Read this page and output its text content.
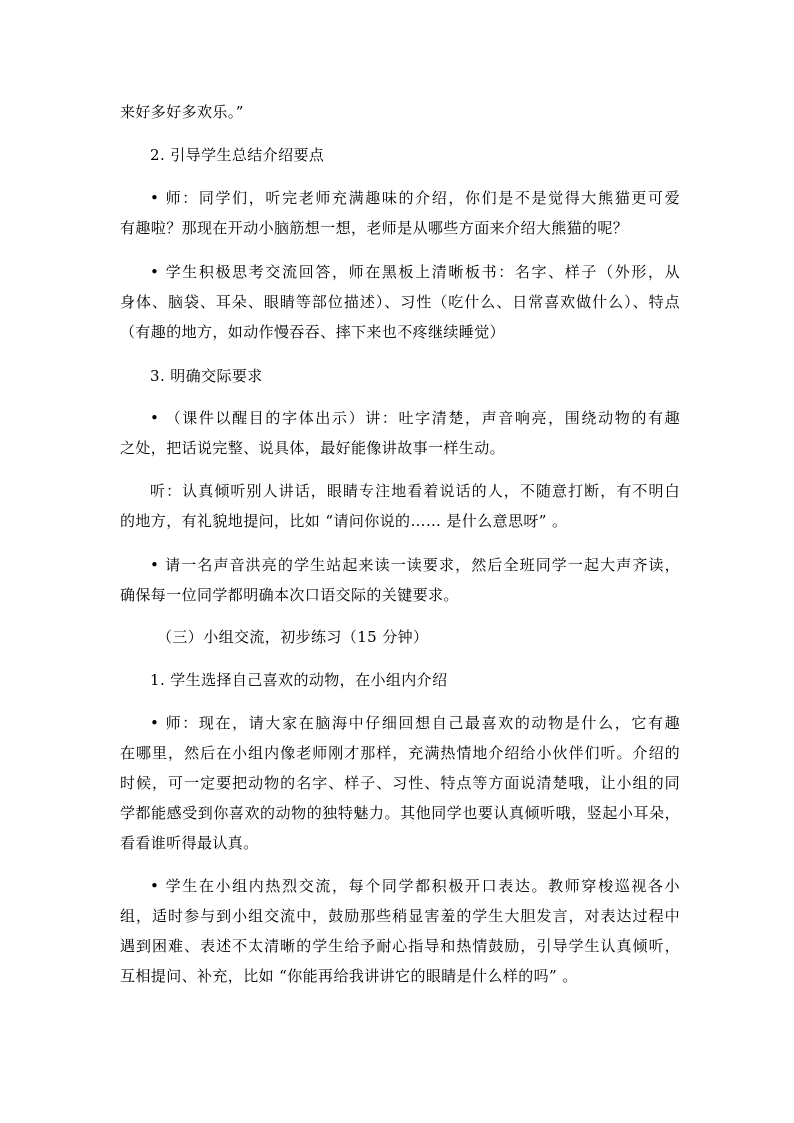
来好多好多欢乐。”
2. 引导学生总结介绍要点
• 师：同学们，听完老师充满趣味的介绍，你们是不是觉得大熊猫更可爱
有趣啦？那现在开动小脑筋想一想，老师是从哪些方面来介绍大熊猫的呢？
• 学生积极思考交流回答，师在黑板上清晰板书：名字、样子（外形，从
身体、脑袋、耳朵、眼睛等部位描述）、习性（吃什么、日常喜欢做什么）、特点
（有趣的地方，如动作慢吞吞、摔下来也不疼继续睡觉）
3. 明确交际要求
• （课件以醒目的字体出示）讲：吐字清楚，声音响亮，围绕动物的有趣
之处，把话说完整、说具体，最好能像讲故事一样生动。
听：认真倾听别人讲话，眼睛专注地看着说话的人，不随意打断，有不明白
的地方，有礼貌地提问，比如 “请问你说的…… 是什么意思呀” 。
• 请一名声音洪亮的学生站起来读一读要求，然后全班同学一起大声齐读，
确保每一位同学都明确本次口语交际的关键要求。
（三）小组交流，初步练习（15 分钟）
1. 学生选择自己喜欢的动物，在小组内介绍
• 师：现在，请大家在脑海中仔细回想自己最喜欢的动物是什么，它有趣
在哪里，然后在小组内像老师刚才那样，充满热情地介绍给小伙伴们听。介绍的
时候，可一定要把动物的名字、样子、习性、特点等方面说清楚哦，让小组的同
学都能感受到你喜欢的动物的独特魅力。其他同学也要认真倾听哦，竖起小耳朵，
看看谁听得最认真。
• 学生在小组内热烈交流，每个同学都积极开口表达。教师穿梭巡视各小
组，适时参与到小组交流中，鼓励那些稍显害羞的学生大胆发言，对表达过程中
遇到困难、表述不太清晰的学生给予耐心指导和热情鼓励，引导学生认真倾听，
互相提问、补充，比如 “你能再给我讲讲它的眼睛是什么样的吗” 。
